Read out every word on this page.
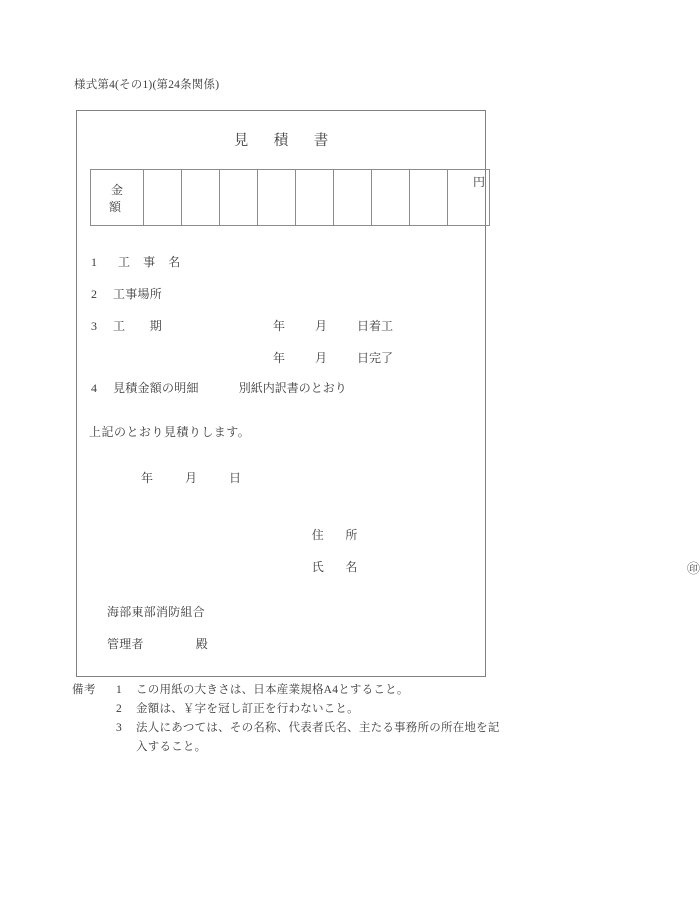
様式第4(その1)(第24条関係)
見　積　書
金　額									円
1 工 事 名
2 工事場所
3 工　　期	年	月	日着工
年	月	日完了
4 見積金額の明細	別紙内訳書のとおり
上記のとおり見積りします。
年	月	日
住　所
氏　名	㊞
海部東部消防組合
管理者	殿
備考	1 この用紙の大きさは、日本産業規格A4とすること。
2 金額は、￥字を冠し訂正を行わないこと。
3 法人にあつては、その名称、代表者氏名、主たる事務所の所在地を記
入すること。
